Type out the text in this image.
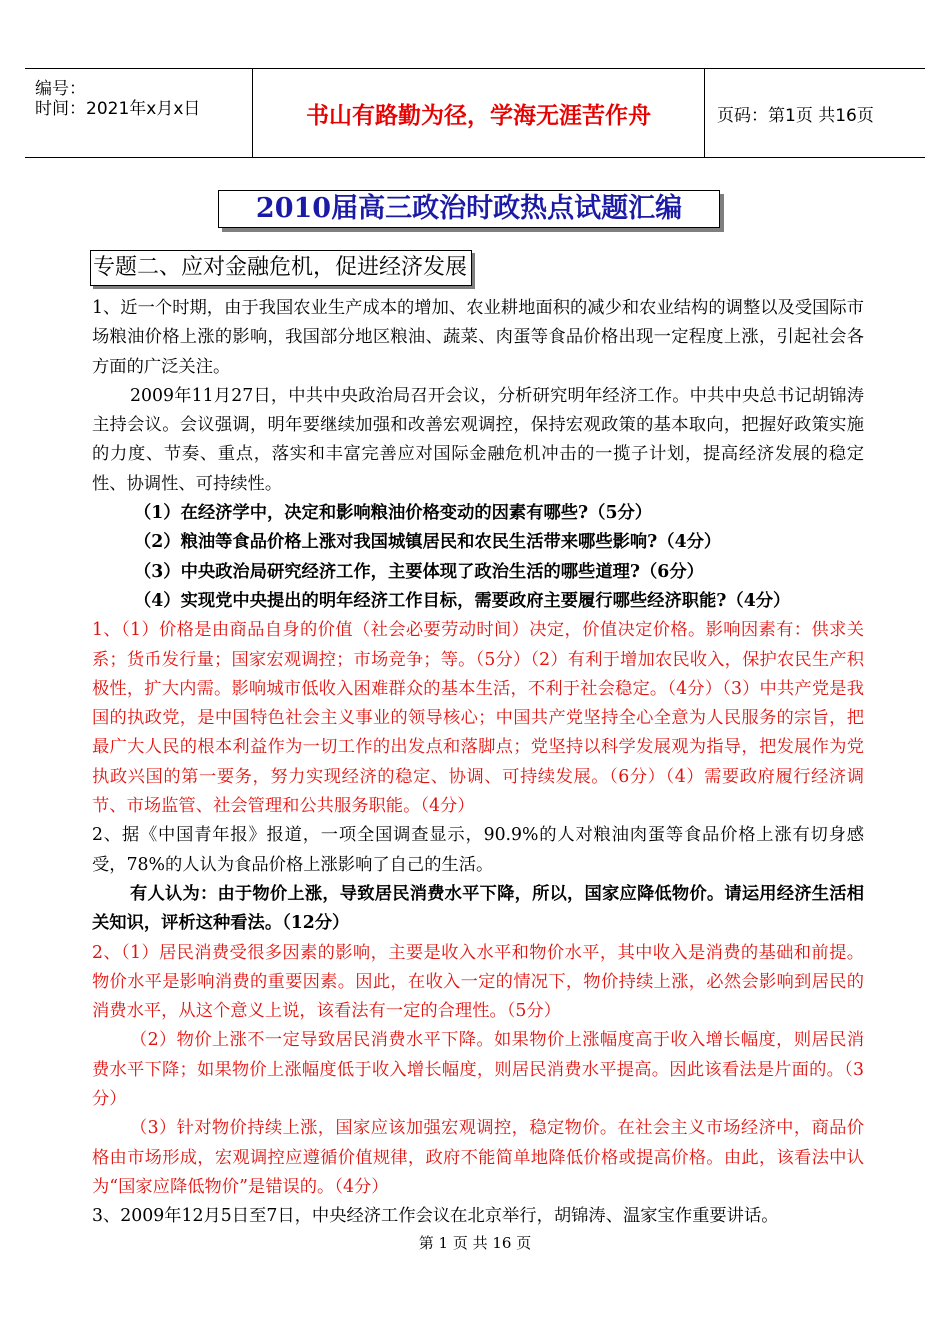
编号：
时间：2021年x月x日	书山有路勤为径，学海无涯苦作舟	页码：第1页 共16页
2010届高三政治时政热点试题汇编
专题二、应对金融危机，促进经济发展

1、近一个时期，由于我国农业生产成本的增加、农业耕地面积的减少和农业结构的调整以及受国际市场粮油价格上涨的影响，我国部分地区粮油、蔬菜、肉蛋等食品价格出现一定程度上涨，引起社会各方面的广泛关注。

2009年11月27日，中共中央政治局召开会议，分析研究明年经济工作。中共中央总书记胡锦涛主持会议。会议强调，明年要继续加强和改善宏观调控，保持宏观政策的基本取向，把握好政策实施的力度、节奏、重点，落实和丰富完善应对国际金融危机冲击的一揽子计划，提高经济发展的稳定性、协调性、可持续性。

（1）在经济学中，决定和影响粮油价格变动的因素有哪些?（5分）

（2）粮油等食品价格上涨对我国城镇居民和农民生活带来哪些影响?（4分）

（3）中央政治局研究经济工作，主要体现了政治生活的哪些道理?（6分）

（4）实现党中央提出的明年经济工作目标，需要政府主要履行哪些经济职能?（4分）

1、（1）价格是由商品自身的价值（社会必要劳动时间）决定，价值决定价格。影响因素有：供求关系；货币发行量；国家宏观调控；市场竞争；等。（5分）（2）有利于增加农民收入，保护农民生产积极性，扩大内需。影响城市低收入困难群众的基本生活，不利于社会稳定。（4分）（3）中共产党是我国的执政党，是中国特色社会主义事业的领导核心；中国共产党坚持全心全意为人民服务的宗旨，把最广大人民的根本利益作为一切工作的出发点和落脚点；党坚持以科学发展观为指导，把发展作为党执政兴国的第一要务，努力实现经济的稳定、协调、可持续发展。（6分）（4）需要政府履行经济调节、市场监管、社会管理和公共服务职能。（4分）

2、据《中国青年报》报道，一项全国调查显示，90.9%的人对粮油肉蛋等食品价格上涨有切身感受，78%的人认为食品价格上涨影响了自己的生活。

有人认为：由于物价上涨，导致居民消费水平下降，所以，国家应降低物价。请运用经济生活相关知识，评析这种看法。（12分）

2、（1）居民消费受很多因素的影响，主要是收入水平和物价水平，其中收入是消费的基础和前提。物价水平是影响消费的重要因素。因此，在收入一定的情况下，物价持续上涨，必然会影响到居民的消费水平，从这个意义上说，该看法有一定的合理性。（5分）

（2）物价上涨不一定导致居民消费水平下降。如果物价上涨幅度高于收入增长幅度，则居民消费水平下降；如果物价上涨幅度低于收入增长幅度，则居民消费水平提高。因此该看法是片面的。（3分）

（3）针对物价持续上涨，国家应该加强宏观调控，稳定物价。在社会主义市场经济中，商品价格由市场形成，宏观调控应遵循价值规律，政府不能简单地降低价格或提高价格。由此，该看法中认为“国家应降低物价”是错误的。（4分）

3、2009年12月5日至7日，中央经济工作会议在北京举行，胡锦涛、温家宝作重要讲话。

第 1 页 共 16 页
